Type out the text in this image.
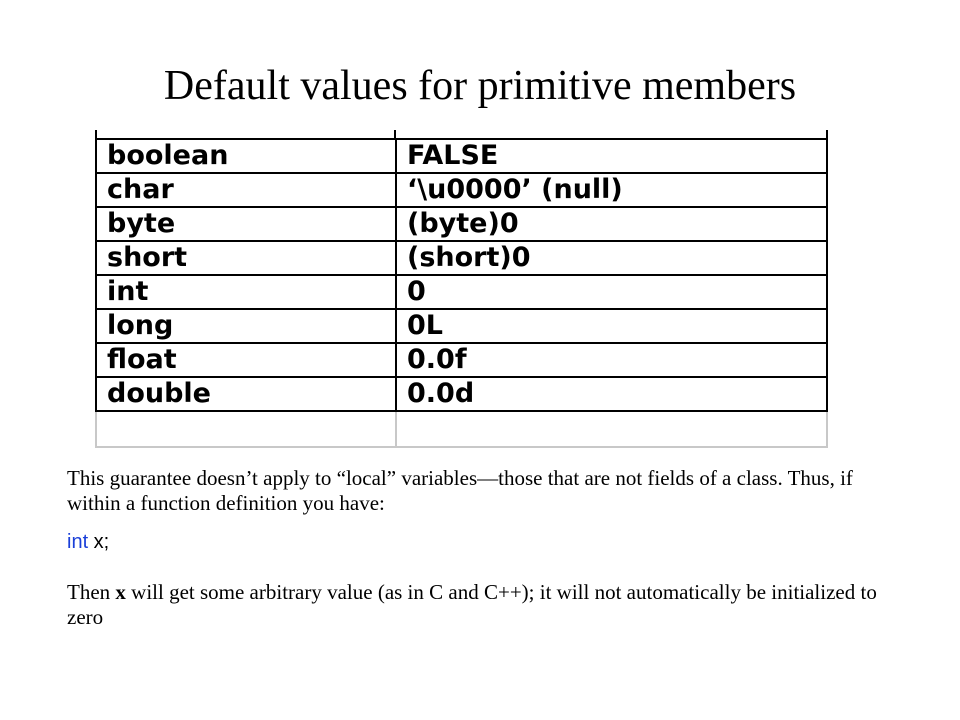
Default values for primitive members
boolean	FALSE
char	‘\u0000’ (null)
byte	(byte)0
short	(short)0
int	0
long	0L
float	0.0f
double	0.0d

This guarantee doesn’t apply to “local” variables—those that are not fields of a class. Thus, if within a function definition you have:
int x;
Then x will get some arbitrary value (as in C and C++); it will not automatically be initialized to zero
